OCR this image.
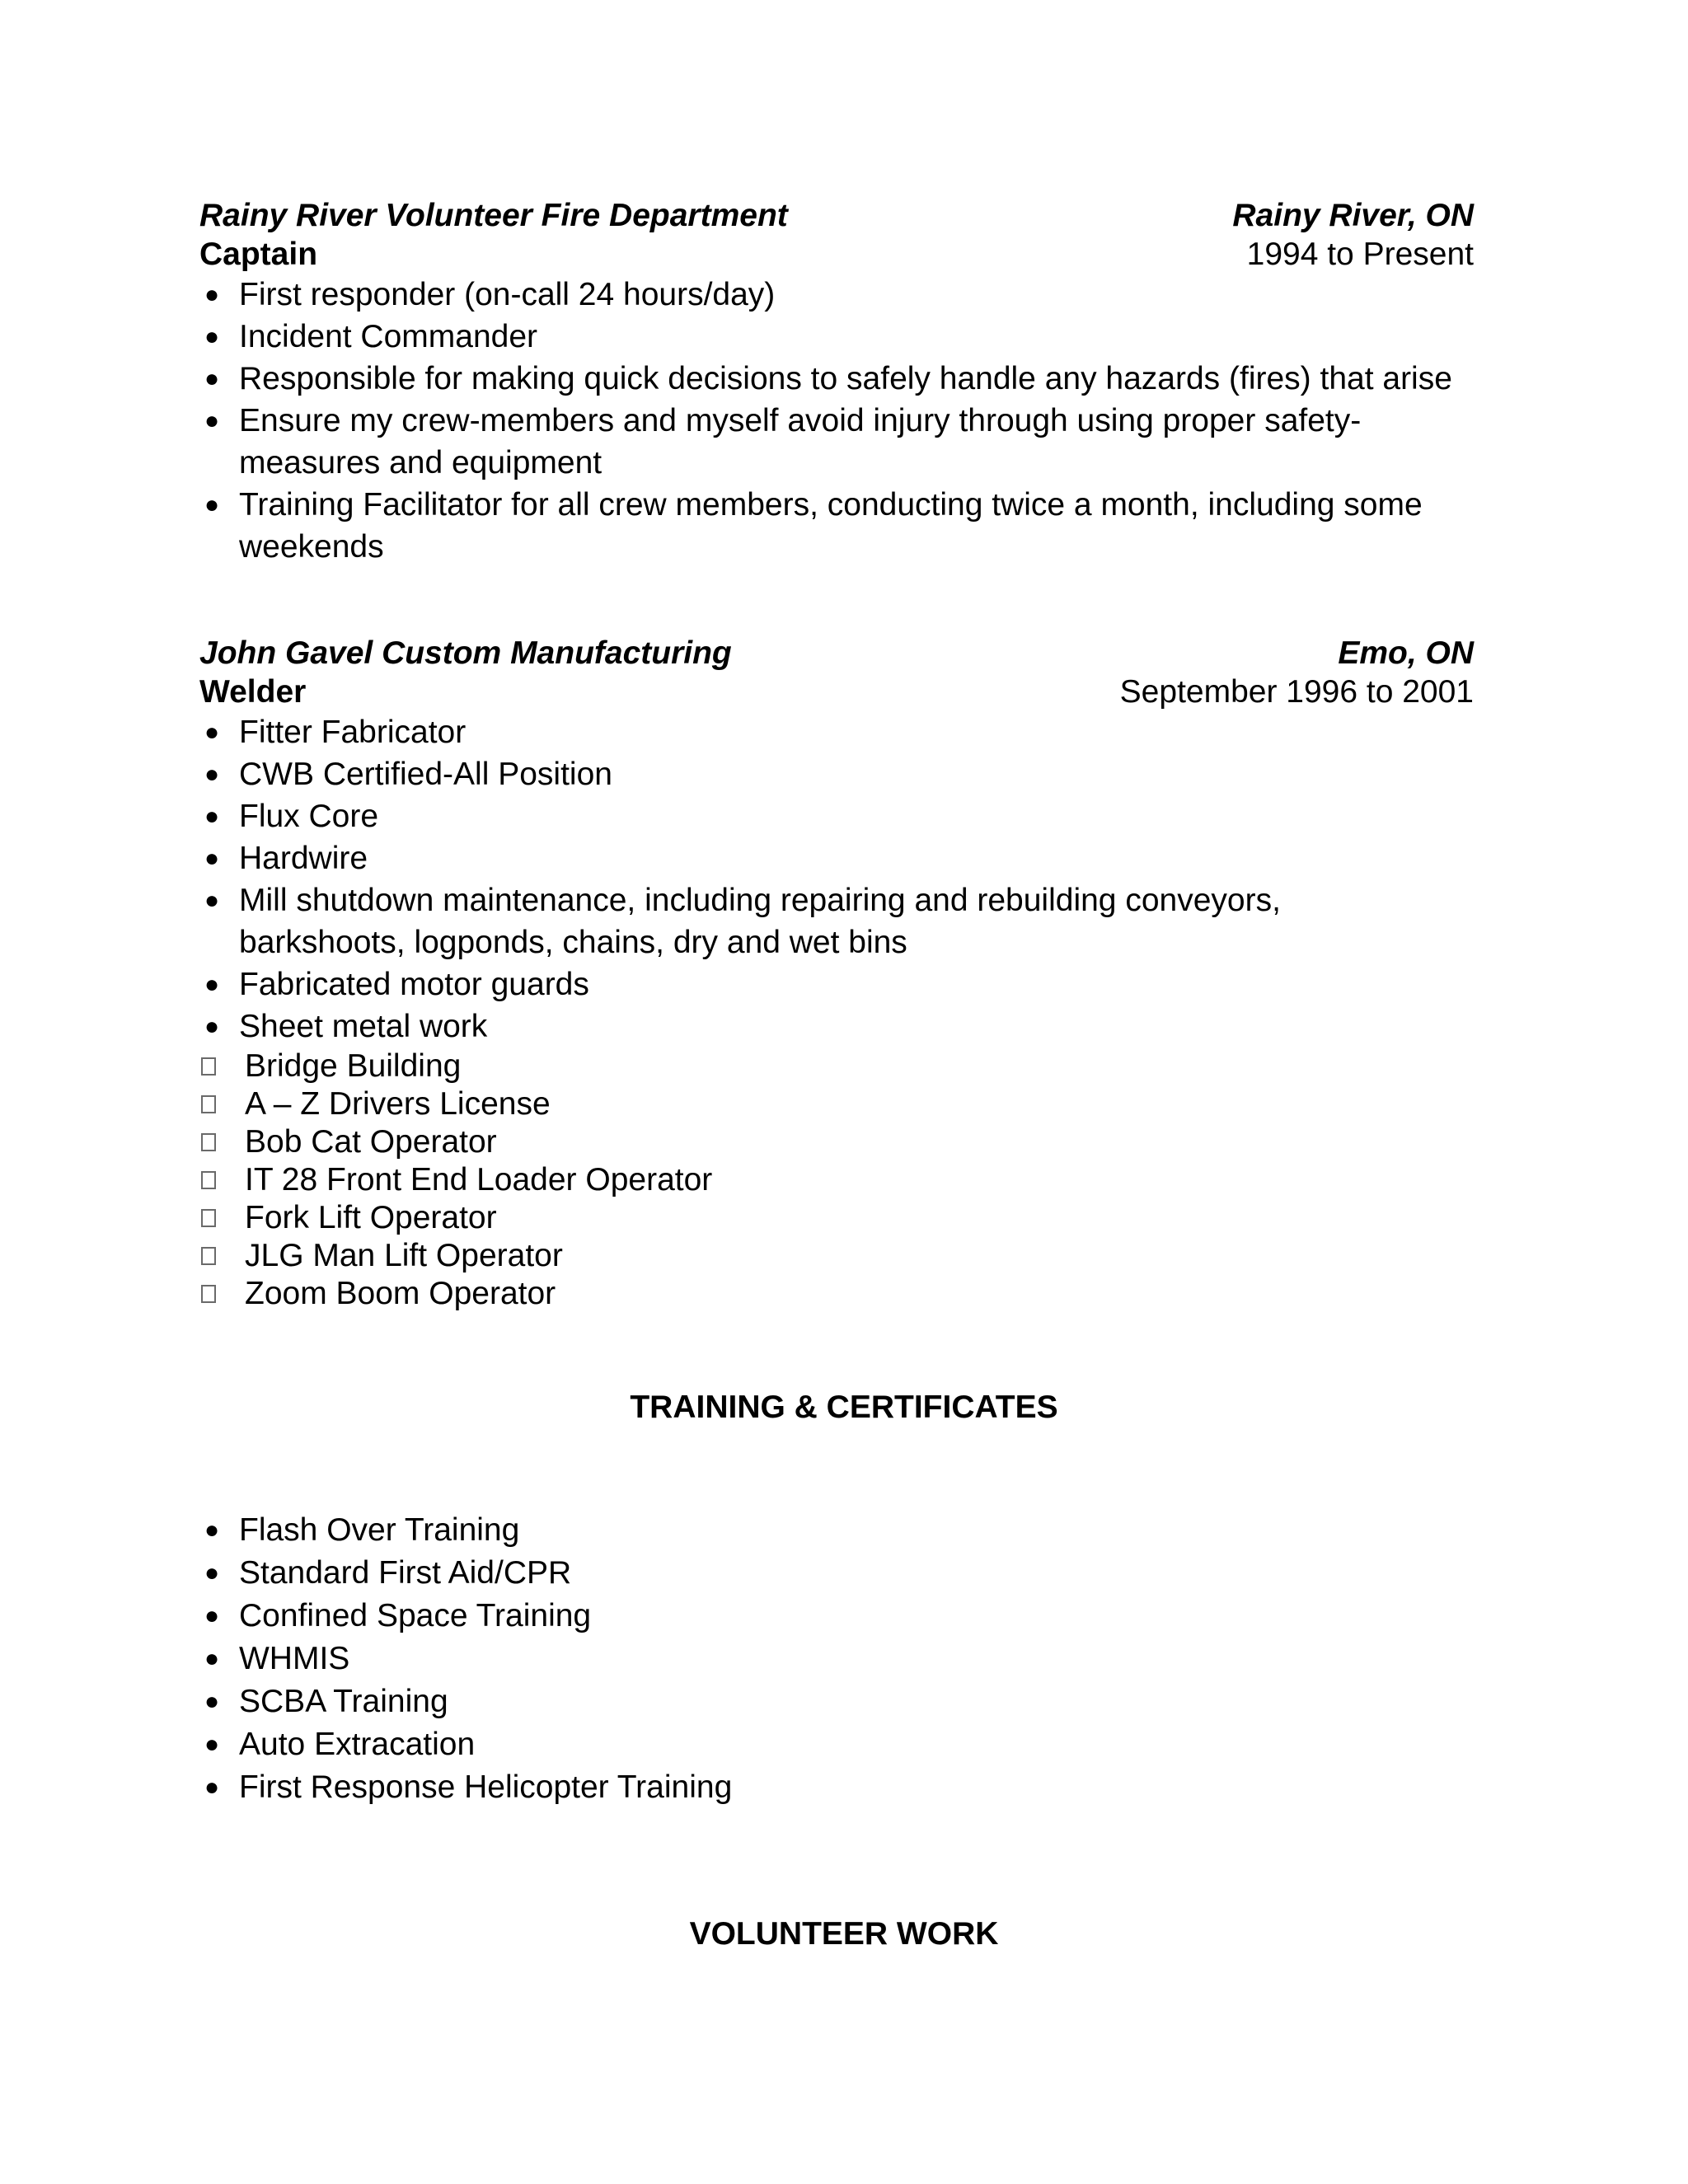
Rainy River Volunteer Fire Department	Rainy River, ON
Captain	1994 to Present
● First responder (on-call 24 hours/day)
● Incident Commander
● Responsible for making quick decisions to safely handle any hazards (fires) that arise
● Ensure my crew-members and myself avoid injury through using proper safety-measures and equipment
● Training Facilitator for all crew members, conducting twice a month, including some weekends
John Gavel Custom Manufacturing	Emo, ON
Welder	September 1996 to 2001
● Fitter Fabricator
● CWB Certified-All Position
● Flux Core
● Hardwire
● Mill shutdown maintenance, including repairing and rebuilding conveyors, barkshoots, logponds, chains, dry and wet bins
● Fabricated motor guards
● Sheet metal work
Bridge Building
A – Z Drivers License
Bob Cat Operator
IT 28 Front End Loader Operator
Fork Lift Operator
JLG Man Lift Operator
Zoom Boom Operator
TRAINING & CERTIFICATES
● Flash Over Training
● Standard First Aid/CPR
● Confined Space Training
● WHMIS
● SCBA Training
● Auto Extracation
● First Response Helicopter Training
VOLUNTEER WORK
